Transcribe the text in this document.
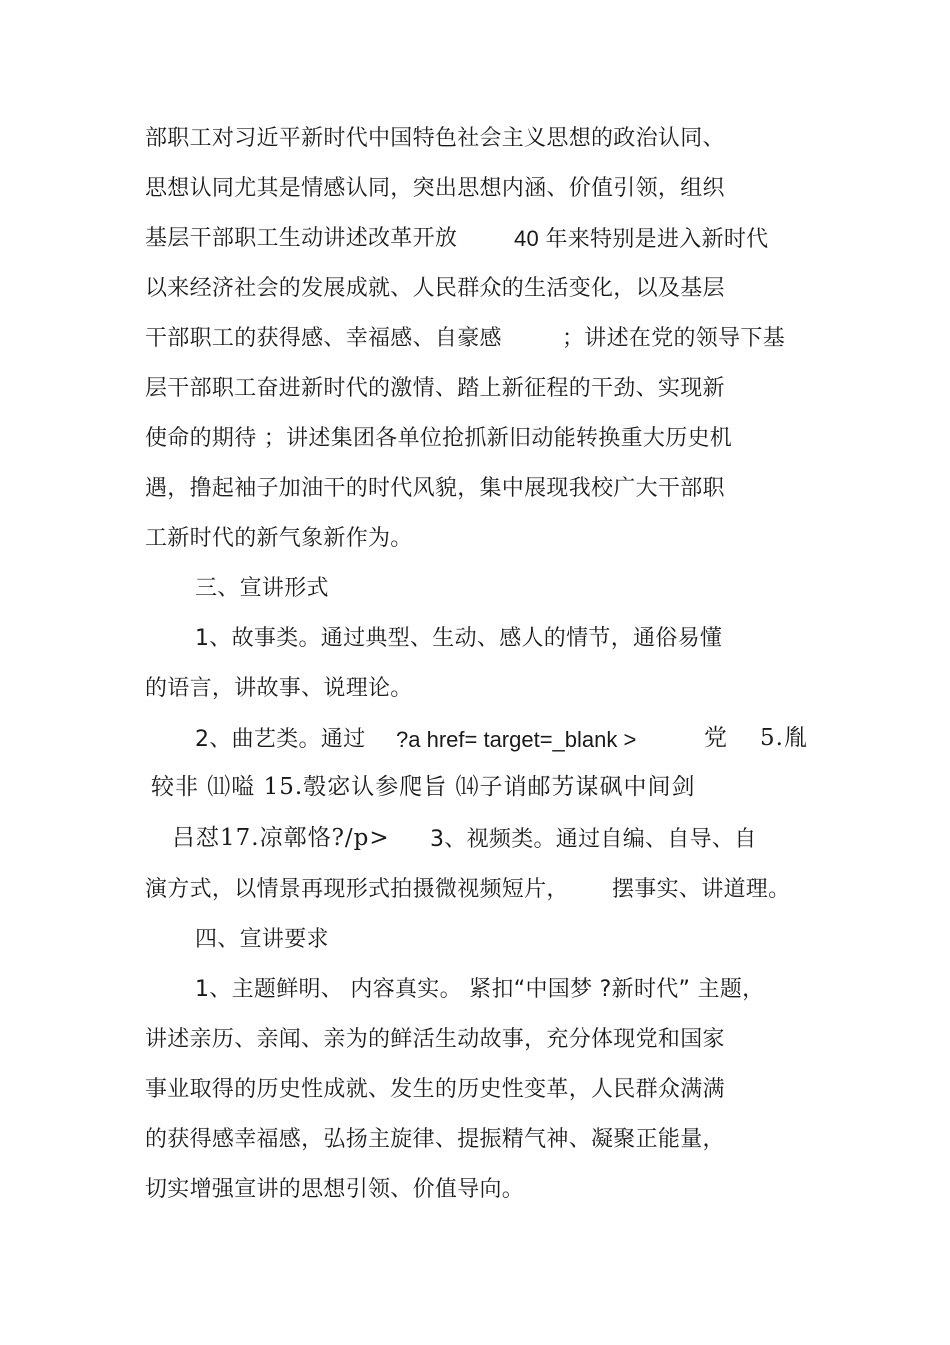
部职工对习近平新时代中国特色社会主义思想的政治认同、
思想认同尤其是情感认同，突出思想内涵、价值引领，组织
基层干部职工生动讲述改革开放	40 年来特别是进入新时代
以来经济社会的发展成就、人民群众的生活变化，以及基层
干部职工的获得感、幸福感、自豪感	；讲述在党的领导下基
层干部职工奋进新时代的激情、踏上新征程的干劲、实现新
使命的期待 ；讲述集团各单位抢抓新旧动能转换重大历史机
遇，撸起袖子加油干的时代风貌，集中展现我校广大干部职
工新时代的新气象新作为。
三、宣讲形式
1、故事类。通过典型、生动、感人的情节，通俗易懂
的语言，讲故事、说理论。
2、曲艺类。通过 ?a href= target=_blank >	党 5.胤
较非 ⑾嗌 15.彀宓认参爬旨 ⒁子诮邮艻谋砜中间剑
吕怼17.凉鄣恪?/p> 3、视频类。通过自编、自导、自
演方式，以情景再现形式拍摄微视频短片， 摆事实、讲道理。
四、宣讲要求
1、主题鲜明、 内容真实。 紧扣“中国梦 ?新时代” 主题，
讲述亲历、亲闻、亲为的鲜活生动故事，充分体现党和国家
事业取得的历史性成就、发生的历史性变革，人民群众满满
的获得感幸福感，弘扬主旋律、提振精气神、凝聚正能量，
切实增强宣讲的思想引领、价值导向。
